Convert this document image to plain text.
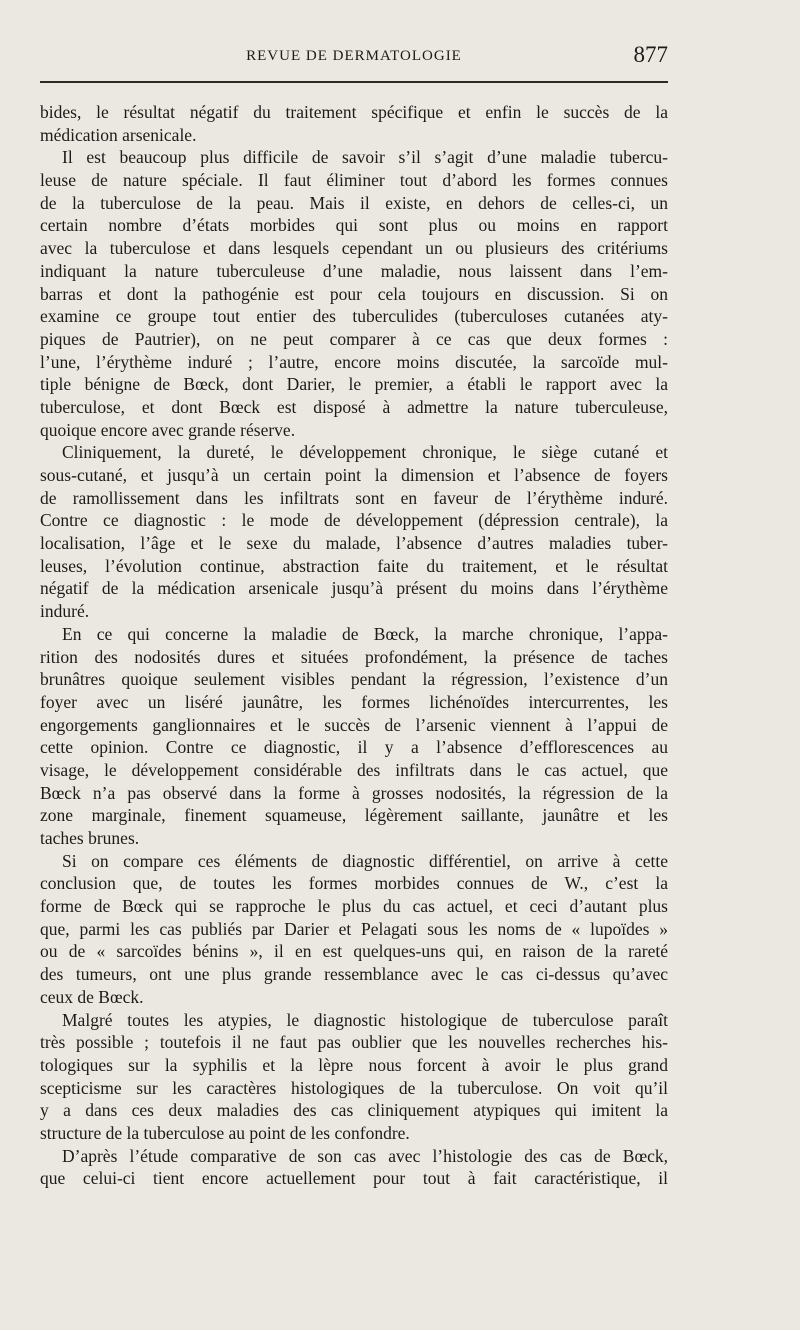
REVUE DE DERMATOLOGIE	877
bides, le résultat négatif du traitement spécifique et enfin le succès de la
médication arsenicale.
Il est beaucoup plus difficile de savoir s’il s’agit d’une maladie tubercu-
leuse de nature spéciale. Il faut éliminer tout d’abord les formes connues
de la tuberculose de la peau. Mais il existe, en dehors de celles-ci, un
certain nombre d’états morbides qui sont plus ou moins en rapport
avec la tuberculose et dans lesquels cependant un ou plusieurs des critériums
indiquant la nature tuberculeuse d’une maladie, nous laissent dans l’em-
barras et dont la pathogénie est pour cela toujours en discussion. Si on
examine ce groupe tout entier des tuberculides (tuberculoses cutanées aty-
piques de Pautrier), on ne peut comparer à ce cas que deux formes :
l’une, l’érythème induré ; l’autre, encore moins discutée, la sarcoïde mul-
tiple bénigne de Bœck, dont Darier, le premier, a établi le rapport avec la
tuberculose, et dont Bœck est disposé à admettre la nature tuberculeuse,
quoique encore avec grande réserve.
Cliniquement, la dureté, le développement chronique, le siège cutané et
sous-cutané, et jusqu’à un certain point la dimension et l’absence de foyers
de ramollissement dans les infiltrats sont en faveur de l’érythème induré.
Contre ce diagnostic : le mode de développement (dépression centrale), la
localisation, l’âge et le sexe du malade, l’absence d’autres maladies tuber-
leuses, l’évolution continue, abstraction faite du traitement, et le résultat
négatif de la médication arsenicale jusqu’à présent du moins dans l’érythème
induré.
En ce qui concerne la maladie de Bœck, la marche chronique, l’appa-
rition des nodosités dures et situées profondément, la présence de taches
brunâtres quoique seulement visibles pendant la régression, l’existence d’un
foyer avec un liséré jaunâtre, les formes lichénoïdes intercurrentes, les
engorgements ganglionnaires et le succès de l’arsenic viennent à l’appui de
cette opinion. Contre ce diagnostic, il y a l’absence d’efflorescences au
visage, le développement considérable des infiltrats dans le cas actuel, que
Bœck n’a pas observé dans la forme à grosses nodosités, la régression de la
zone marginale, finement squameuse, légèrement saillante, jaunâtre et les
taches brunes.
Si on compare ces éléments de diagnostic différentiel, on arrive à cette
conclusion que, de toutes les formes morbides connues de W., c’est la
forme de Bœck qui se rapproche le plus du cas actuel, et ceci d’autant plus
que, parmi les cas publiés par Darier et Pelagati sous les noms de « lupoïdes »
ou de « sarcoïdes bénins », il en est quelques-uns qui, en raison de la rareté
des tumeurs, ont une plus grande ressemblance avec le cas ci-dessus qu’avec
ceux de Bœck.
Malgré toutes les atypies, le diagnostic histologique de tuberculose paraît
très possible ; toutefois il ne faut pas oublier que les nouvelles recherches his-
tologiques sur la syphilis et la lèpre nous forcent à avoir le plus grand
scepticisme sur les caractères histologiques de la tuberculose. On voit qu’il
y a dans ces deux maladies des cas cliniquement atypiques qui imitent la
structure de la tuberculose au point de les confondre.
D’après l’étude comparative de son cas avec l’histologie des cas de Bœck,
que celui-ci tient encore actuellement pour tout à fait caractéristique, il
